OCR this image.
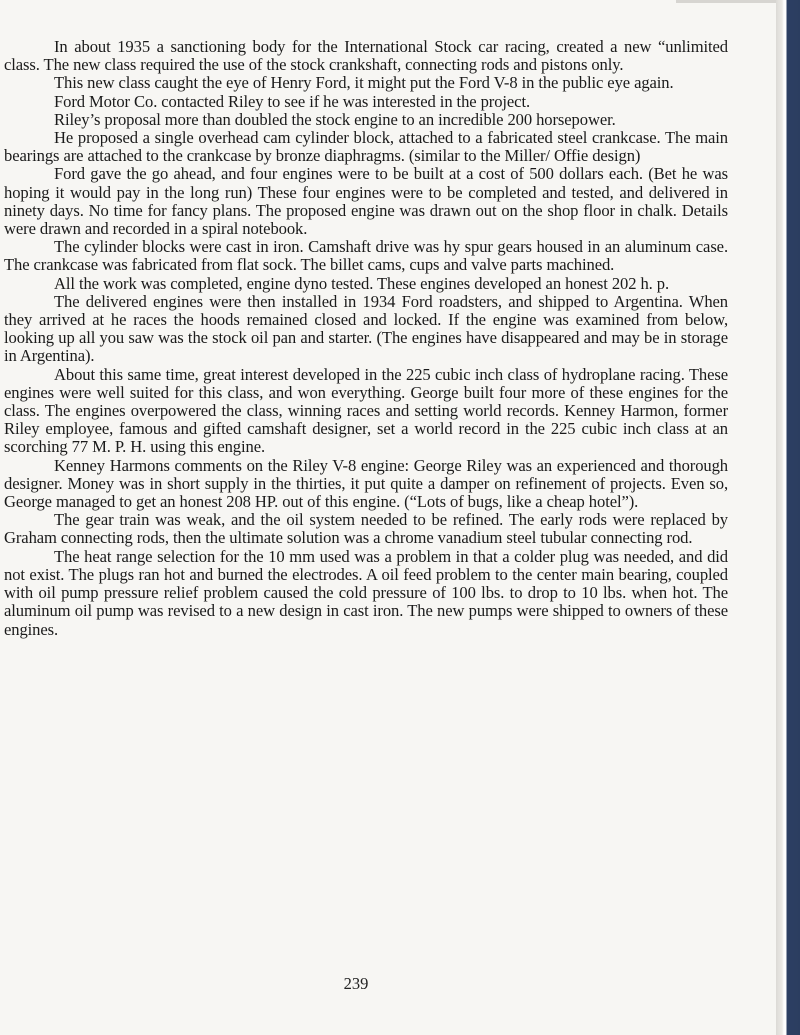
In about 1935 a sanctioning body for the International Stock car racing, created a new “unlimited class. The new class required the use of the stock crankshaft, connecting rods and pistons only.

This new class caught the eye of Henry Ford, it might put the Ford V-8 in the public eye again.

Ford Motor Co. contacted Riley to see if he was interested in the project.

Riley’s proposal more than doubled the stock engine to an incredible 200 horsepower.

He proposed a single overhead cam cylinder block, attached to a fabricated steel crankcase. The main bearings are attached to the crankcase by bronze diaphragms. (similar to the Miller/ Offie design)

Ford gave the go ahead, and four engines were to be built at a cost of 500 dollars each. (Bet he was hoping it would pay in the long run) These four engines were to be completed and tested, and delivered in ninety days. No time for fancy plans. The proposed engine was drawn out on the shop floor in chalk. Details were drawn and recorded in a spiral notebook.

The cylinder blocks were cast in iron. Camshaft drive was hy spur gears housed in an aluminum case. The crankcase was fabricated from flat sock. The billet cams, cups and valve parts machined.

All the work was completed, engine dyno tested. These engines developed an honest 202 h. p.

The delivered engines were then installed in 1934 Ford roadsters, and shipped to Argentina. When they arrived at he races the hoods remained closed and locked. If the engine was examined from below, looking up all you saw was the stock oil pan and starter. (The engines have disappeared and may be in storage in Argentina).

About this same time, great interest developed in the 225 cubic inch class of hydroplane racing. These engines were well suited for this class, and won everything. George built four more of these engines for the class. The engines overpowered the class, winning races and setting world records. Kenney Harmon, former Riley employee, famous and gifted camshaft designer, set a world record in the 225 cubic inch class at an scorching 77 M. P. H. using this engine.

Kenney Harmons comments on the Riley V-8 engine: George Riley was an experienced and thorough designer. Money was in short supply in the thirties, it put quite a damper on refinement of projects. Even so, George managed to get an honest 208 HP. out of this engine. (“Lots of bugs, like a cheap hotel”).

The gear train was weak, and the oil system needed to be refined. The early rods were replaced by Graham connecting rods, then the ultimate solution was a chrome vanadium steel tubular connecting rod.

The heat range selection for the 10 mm used was a problem in that a colder plug was needed, and did not exist. The plugs ran hot and burned the electrodes. A oil feed problem to the center main bearing, coupled with oil pump pressure relief problem caused the cold pressure of 100 lbs. to drop to 10 lbs. when hot. The aluminum oil pump was revised to a new design in cast iron. The new pumps were shipped to owners of these engines.

239
